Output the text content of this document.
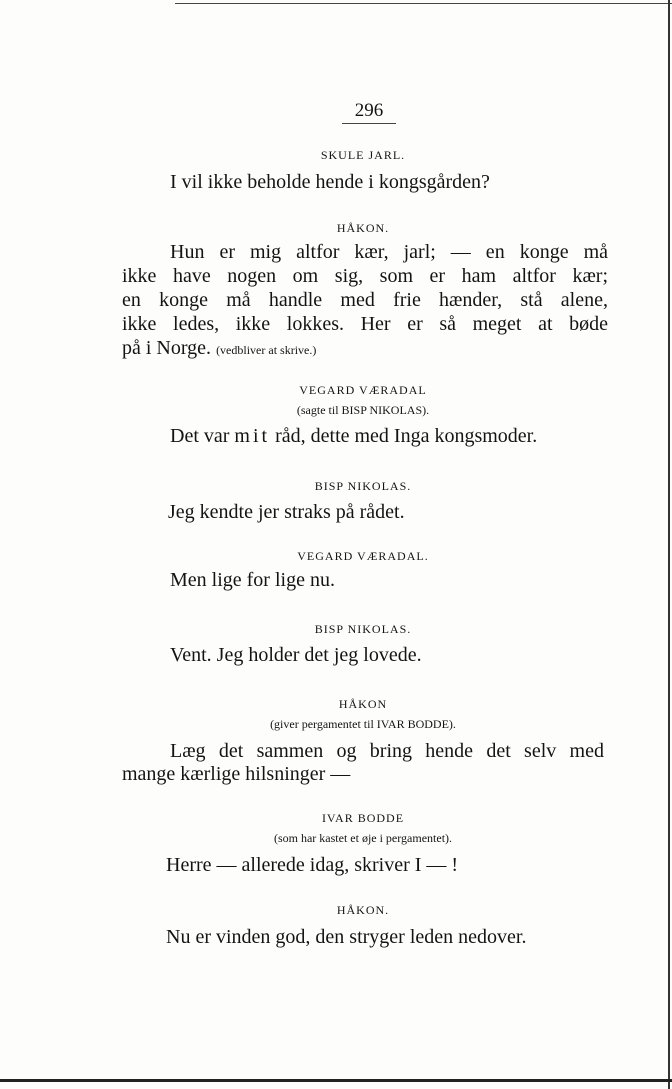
296
SKULE JARL.
I vil ikke beholde hende i kongsgården?
HÅKON.
Hun er mig altfor kær, jarl; — en konge må
ikke have nogen om sig, som er ham altfor kær;
en konge må handle med frie hænder, stå alene,
ikke ledes, ikke lokkes. Her er så meget at bøde
på i Norge. (vedbliver at skrive.)
VEGARD VÆRADAL
(sagte til BISP NIKOLAS).
Det var mit råd, dette med Inga kongsmoder.
BISP NIKOLAS.
Jeg kendte jer straks på rådet.
VEGARD VÆRADAL.
Men lige for lige nu.
BISP NIKOLAS.
Vent. Jeg holder det jeg lovede.
HÅKON
(giver pergamentet til IVAR BODDE).
Læg det sammen og bring hende det selv med
mange kærlige hilsninger —
IVAR BODDE
(som har kastet et øje i pergamentet).
Herre — allerede idag, skriver I — !
HÅKON.
Nu er vinden god, den stryger leden nedover.
